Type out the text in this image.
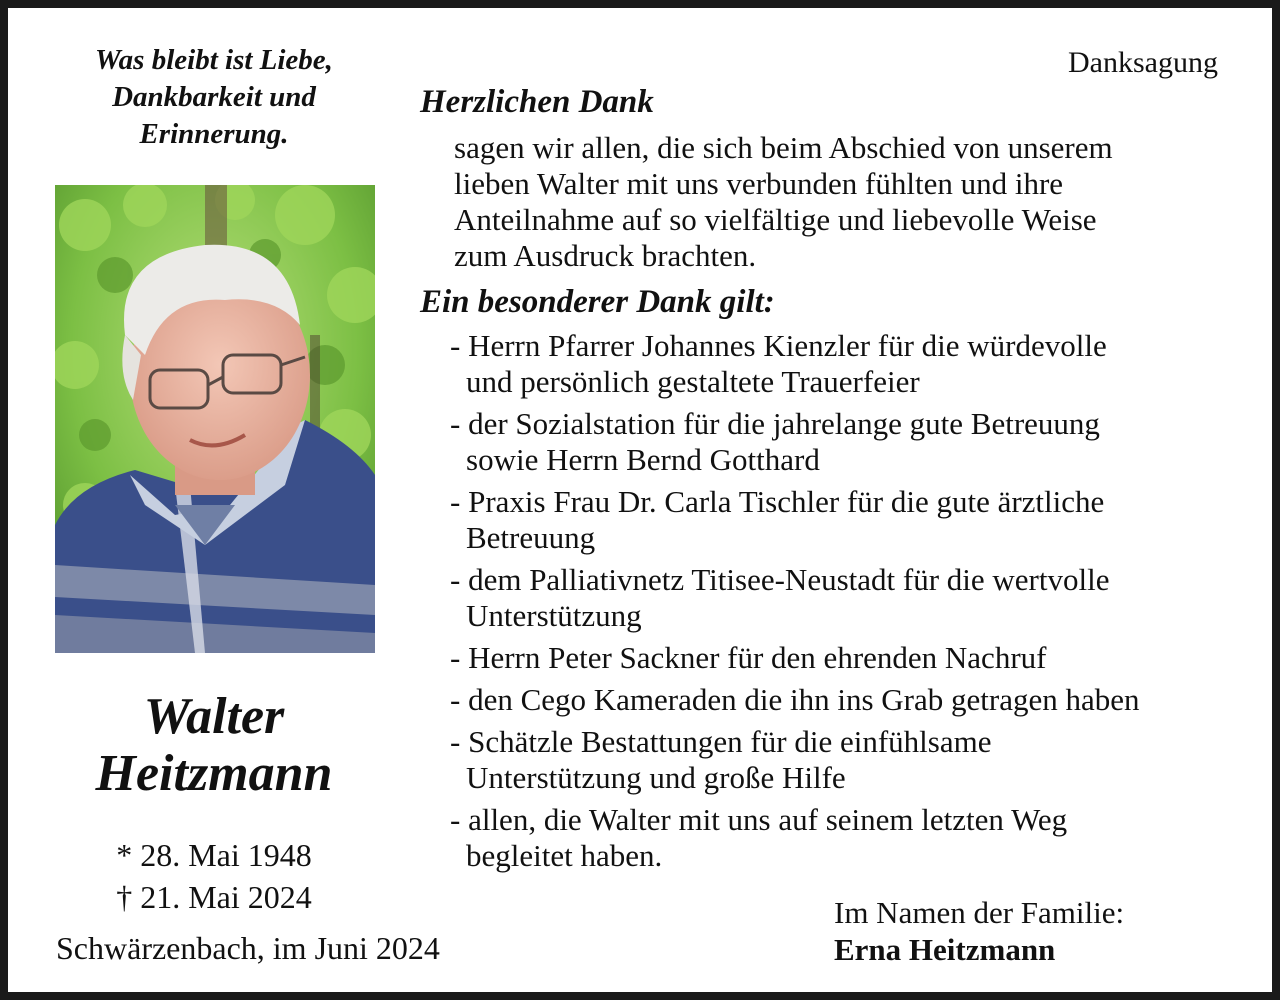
Was bleibt ist Liebe,
Dankbarkeit und
Erinnerung.
Walter
Heitzmann
* 28. Mai 1948
† 21. Mai 2024
Schwärzenbach, im Juni 2024
Danksagung
Herzlichen Dank
sagen wir allen, die sich beim Abschied von unserem
lieben Walter mit uns verbunden fühlten und ihre
Anteilnahme auf so vielfältige und liebevolle Weise
zum Ausdruck brachten.
Ein besonderer Dank gilt:
- Herrn Pfarrer Johannes Kienzler für die würdevolle
und persönlich gestaltete Trauerfeier
- der Sozialstation für die jahrelange gute Betreuung
sowie Herrn Bernd Gotthard
- Praxis Frau Dr. Carla Tischler für die gute ärztliche
Betreuung
- dem Palliativnetz Titisee-Neustadt für die wertvolle
Unterstützung
- Herrn Peter Sackner für den ehrenden Nachruf
- den Cego Kameraden die ihn ins Grab getragen haben
- Schätzle Bestattungen für die einfühlsame
Unterstützung und große Hilfe
- allen, die Walter mit uns auf seinem letzten Weg
begleitet haben.
Im Namen der Familie:
Erna Heitzmann
